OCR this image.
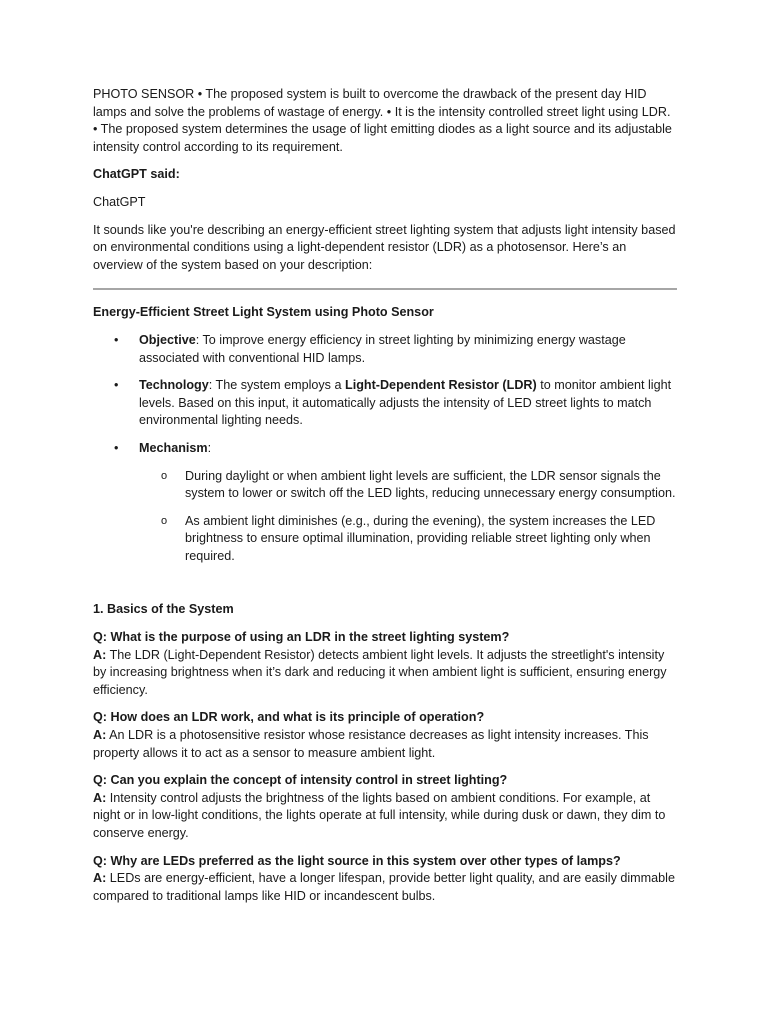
PHOTO SENSOR • The proposed system is built to overcome the drawback of the present day HID lamps and solve the problems of wastage of energy. • It is the intensity controlled street light using LDR. • The proposed system determines the usage of light emitting diodes as a light source and its adjustable intensity control according to its requirement.

ChatGPT said:

ChatGPT

It sounds like you're describing an energy-efficient street lighting system that adjusts light intensity based on environmental conditions using a light-dependent resistor (LDR) as a photosensor. Here’s an overview of the system based on your description:

Energy-Efficient Street Light System using Photo Sensor

• Objective: To improve energy efficiency in street lighting by minimizing energy wastage associated with conventional HID lamps.
• Technology: The system employs a Light-Dependent Resistor (LDR) to monitor ambient light levels. Based on this input, it automatically adjusts the intensity of LED street lights to match environmental lighting needs.
• Mechanism:
o During daylight or when ambient light levels are sufficient, the LDR sensor signals the system to lower or switch off the LED lights, reducing unnecessary energy consumption.
o As ambient light diminishes (e.g., during the evening), the system increases the LED brightness to ensure optimal illumination, providing reliable street lighting only when required.

1. Basics of the System

Q: What is the purpose of using an LDR in the street lighting system?

A: The LDR (Light-Dependent Resistor) detects ambient light levels. It adjusts the streetlight's intensity by increasing brightness when it’s dark and reducing it when ambient light is sufficient, ensuring energy efficiency.

Q: How does an LDR work, and what is its principle of operation?

A: An LDR is a photosensitive resistor whose resistance decreases as light intensity increases. This property allows it to act as a sensor to measure ambient light.

Q: Can you explain the concept of intensity control in street lighting?

A: Intensity control adjusts the brightness of the lights based on ambient conditions. For example, at night or in low-light conditions, the lights operate at full intensity, while during dusk or dawn, they dim to conserve energy.

Q: Why are LEDs preferred as the light source in this system over other types of lamps?

A: LEDs are energy-efficient, have a longer lifespan, provide better light quality, and are easily dimmable compared to traditional lamps like HID or incandescent bulbs.
